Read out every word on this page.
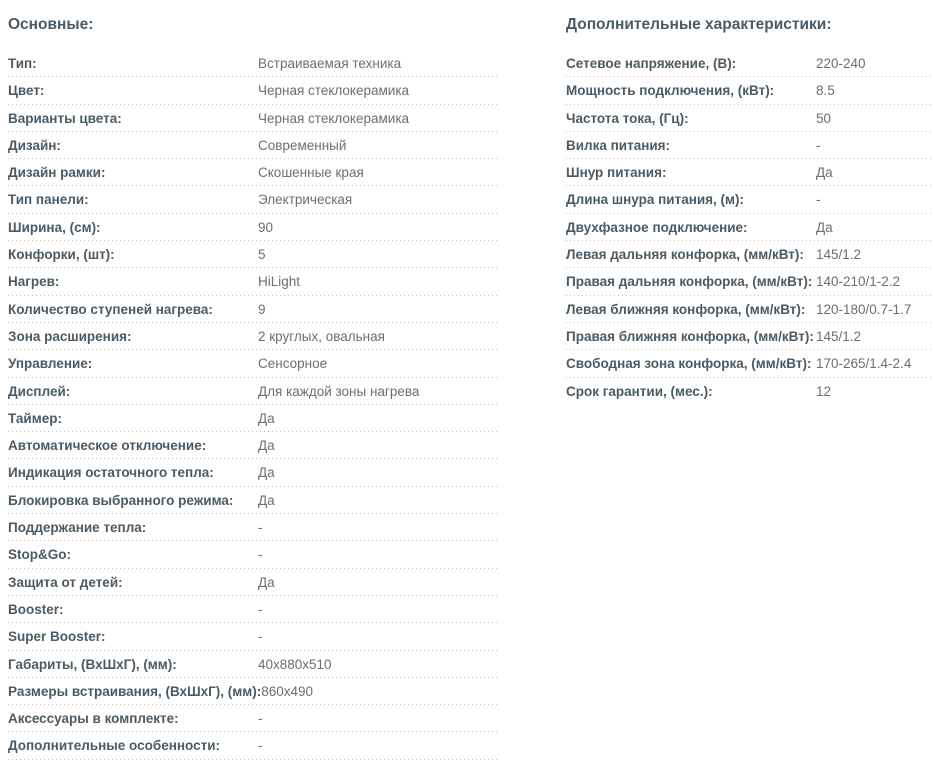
Основные:
Тип:	Встраиваемая техника
Цвет:	Черная стеклокерамика
Варианты цвета:	Черная стеклокерамика
Дизайн:	Современный
Дизайн рамки:	Скошенные края
Тип панели:	Электрическая
Ширина, (см):	90
Конфорки, (шт):	5
Нагрев:	HiLight
Количество ступеней нагрева:	9
Зона расширения:	2 круглых, овальная
Управление:	Сенсорное
Дисплей:	Для каждой зоны нагрева
Таймер:	Да
Автоматическое отключение:	Да
Индикация остаточного тепла:	Да
Блокировка выбранного режима:	Да
Поддержание тепла:	-
Stop&Go:	-
Защита от детей:	Да
Booster:	-
Super Booster:	-
Габариты, (ВхШхГ), (мм):	40x880x510
Размеры встраивания, (ВхШхГ), (мм): 860x490
Аксессуары в комплекте:	-
Дополнительные особенности:	-
Дополнительные характеристики:
Сетевое напряжение, (В):	220-240
Мощность подключения, (кВт):	8.5
Частота тока, (Гц):	50
Вилка питания:	-
Шнур питания:	Да
Длина шнура питания, (м):	-
Двухфазное подключение:	Да
Левая дальняя конфорка, (мм/кВт): 145/1.2
Правая дальняя конфорка, (мм/кВт): 140-210/1-2.2
Левая ближняя конфорка, (мм/кВт): 120-180/0.7-1.7
Правая ближняя конфорка, (мм/кВт): 145/1.2
Свободная зона конфорка, (мм/кВт): 170-265/1.4-2.4
Срок гарантии, (мес.):	12
